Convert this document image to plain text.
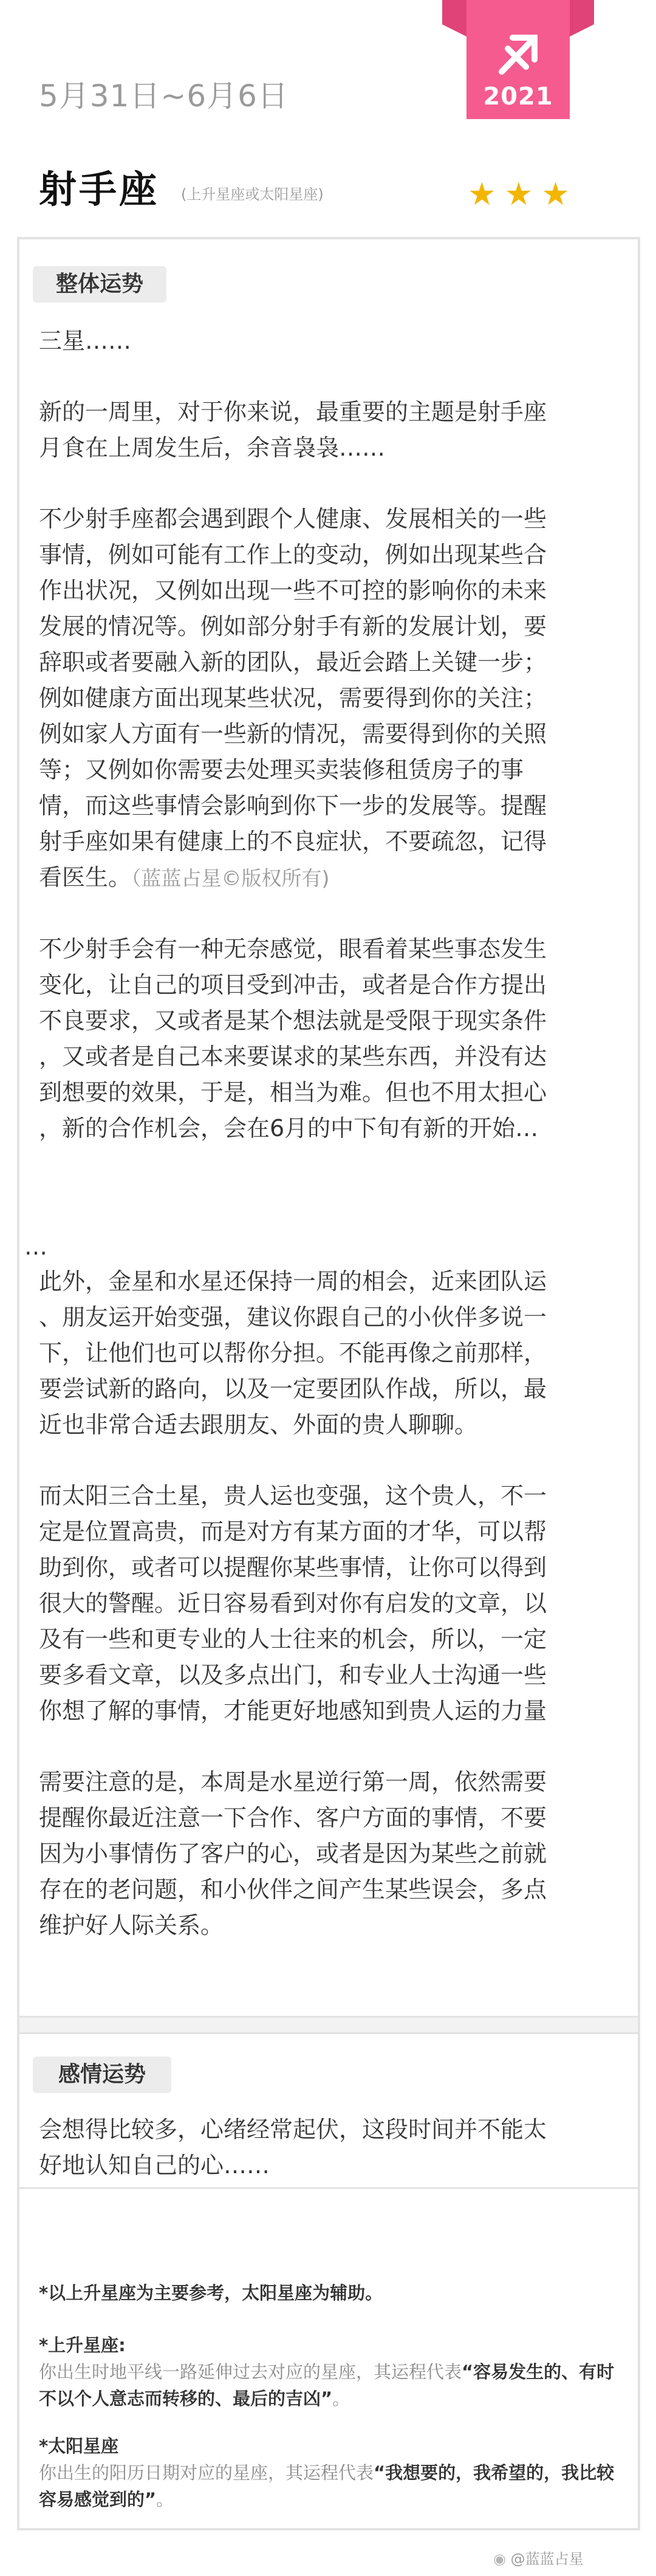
5月31日~6月6日	2021
射手座 (上升星座或太阳星座)	★★★
整体运势

三星……

新的一周里，对于你来说，最重要的主题是射手座
月食在上周发生后，余音袅袅……

不少射手座都会遇到跟个人健康、发展相关的一些
事情，例如可能有工作上的变动，例如出现某些合
作出状况，又例如出现一些不可控的影响你的未来
发展的情况等。例如部分射手有新的发展计划，要
辞职或者要融入新的团队，最近会踏上关键一步；
例如健康方面出现某些状况，需要得到你的关注；
例如家人方面有一些新的情况，需要得到你的关照
等；又例如你需要去处理买卖装修租赁房子的事
情，而这些事情会影响到你下一步的发展等。提醒
射手座如果有健康上的不良症状，不要疏忽，记得
看医生。（蓝蓝占星©版权所有)

不少射手会有一种无奈感觉，眼看着某些事态发生
变化，让自己的项目受到冲击，或者是合作方提出
不良要求，又或者是某个想法就是受限于现实条件
，又或者是自己本来要谋求的某些东西，并没有达
到想要的效果，于是，相当为难。但也不用太担心
，新的合作机会，会在6月的中下旬有新的开始…

…

此外，金星和水星还保持一周的相会，近来团队运
、朋友运开始变强，建议你跟自己的小伙伴多说一
下，让他们也可以帮你分担。不能再像之前那样，
要尝试新的路向，以及一定要团队作战，所以，最
近也非常合适去跟朋友、外面的贵人聊聊。

而太阳三合土星，贵人运也变强，这个贵人，不一
定是位置高贵，而是对方有某方面的才华，可以帮
助到你，或者可以提醒你某些事情，让你可以得到
很大的警醒。近日容易看到对你有启发的文章，以
及有一些和更专业的人士往来的机会，所以，一定
要多看文章，以及多点出门，和专业人士沟通一些
你想了解的事情，才能更好地感知到贵人运的力量

需要注意的是，本周是水星逆行第一周，依然需要
提醒你最近注意一下合作、客户方面的事情，不要
因为小事情伤了客户的心，或者是因为某些之前就
存在的老问题，和小伙伴之间产生某些误会，多点
维护好人际关系。

感情运势

会想得比较多，心绪经常起伏，这段时间并不能太
好地认知自己的心……

*以上升星座为主要参考，太阳星座为辅助。
*上升星座:
你出生时地平线一路延伸过去对应的星座，其运程代表“容易发生的、有时不以个人意志而转移的、最后的吉凶”。
*太阳星座
你出生的阳历日期对应的星座，其运程代表“我想要的，我希望的，我比较容易感觉到的”。
◉ @蓝蓝占星
